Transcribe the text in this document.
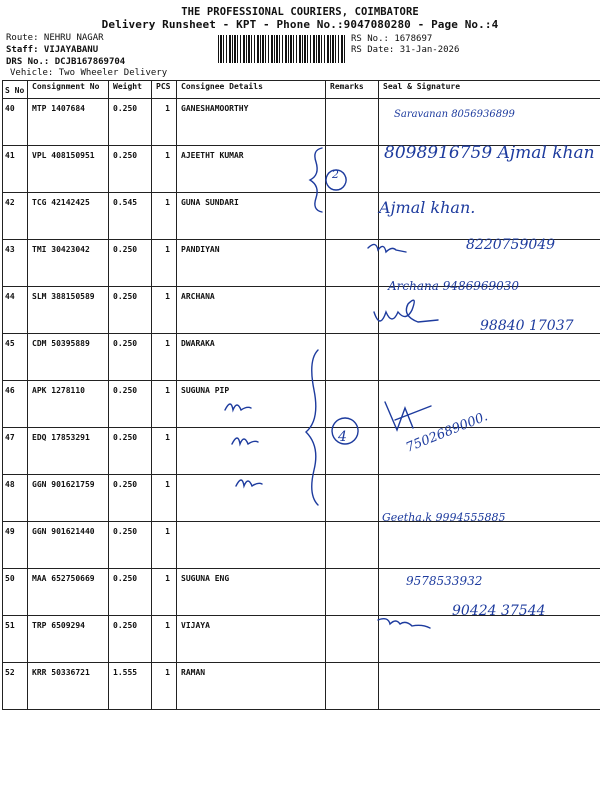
THE PROFESSIONAL COURIERS, COIMBATORE
Delivery Runsheet - KPT - Phone No.:9047080280 - Page No.:4
Route: NEHRU NAGAR
Staff: VIJAYABANU
DRS No.: DCJB167869704
Vehicle: Two Wheeler Delivery
RS No.: 1678697
RS Date: 31-Jan-2026
S No	Consignment No	Weight	PCS	Consignee Details	Remarks	Seal & Signature
40	MTP 1407684	0.250	1	GANESHAMOORTHY		
41	VPL 408150951	0.250	1	AJEETHT KUMAR		
42	TCG 42142425	0.545	1	GUNA SUNDARI		
43	TMI 30423042	0.250	1	PANDIYAN		
44	SLM 388150589	0.250	1	ARCHANA		
45	CDM 50395889	0.250	1	DWARAKA		
46	APK 1278110	0.250	1	SUGUNA PIP		
47	EDQ 17853291	0.250	1			
48	GGN 901621759	0.250	1			
49	GGN 901621440	0.250	1			
50	MAA 652750669	0.250	1	SUGUNA ENG		
51	TRP 6509294	0.250	1	VIJAYA		
52	KRR 50336721	1.555	1	RAMAN		
2
4
Saravanan 8056936899
8098916759 Ajmal khan
Ajmal khan.
8220759049
Archana 9486969030
98840 17037
7502689000.
Geetha.k 9994555885
9578533932
90424 37544
